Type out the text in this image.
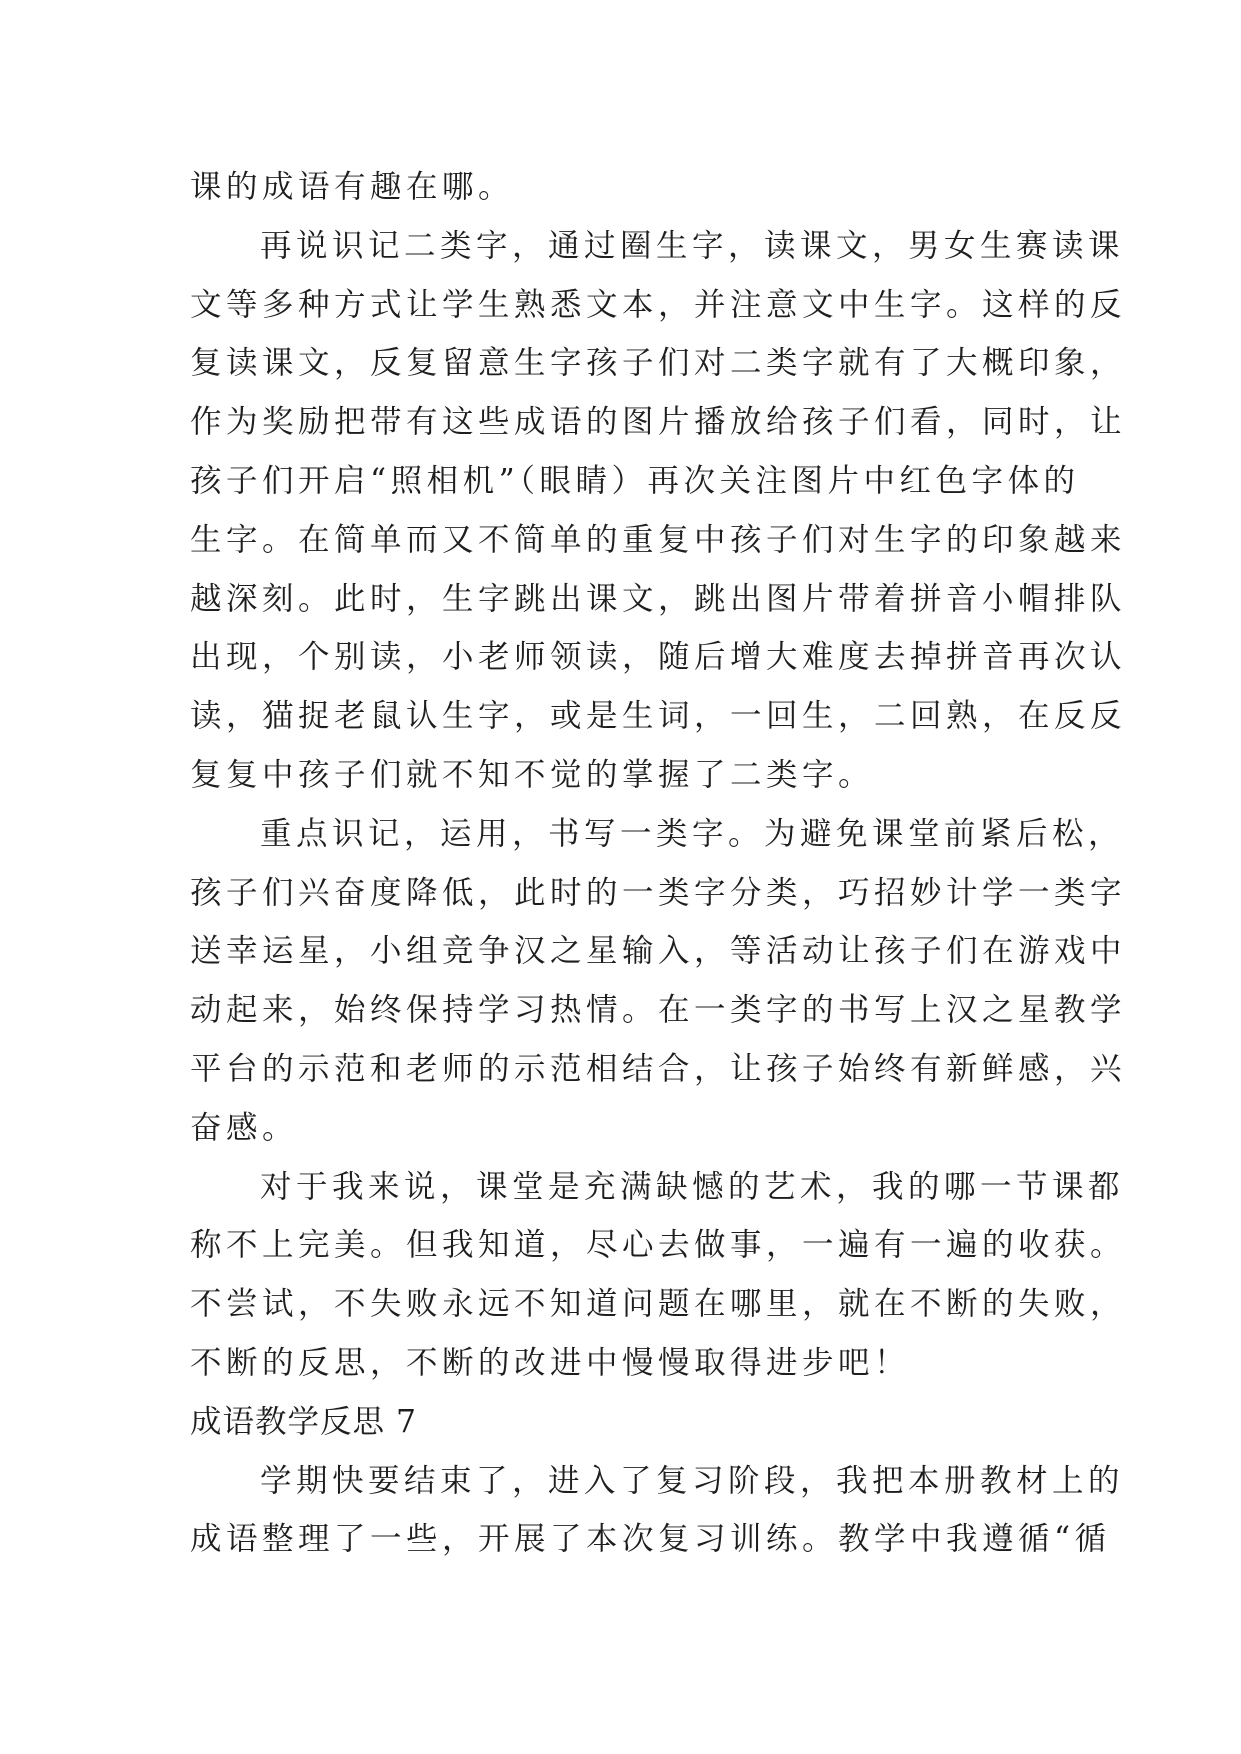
课的成语有趣在哪。
再说识记二类字，通过圈生字，读课文，男女生赛读课
文等多种方式让学生熟悉文本，并注意文中生字。这样的反
复读课文，反复留意生字孩子们对二类字就有了大概印象，
作为奖励把带有这些成语的图片播放给孩子们看，同时，让
孩子们开启“照相机”（眼睛）再次关注图片中红色字体的
生字。在简单而又不简单的重复中孩子们对生字的印象越来
越深刻。此时，生字跳出课文，跳出图片带着拼音小帽排队
出现，个别读，小老师领读，随后增大难度去掉拼音再次认
读，猫捉老鼠认生字，或是生词，一回生，二回熟，在反反
复复中孩子们就不知不觉的掌握了二类字。
重点识记，运用，书写一类字。为避免课堂前紧后松，
孩子们兴奋度降低，此时的一类字分类，巧招妙计学一类字
送幸运星，小组竞争汉之星输入，等活动让孩子们在游戏中
动起来，始终保持学习热情。在一类字的书写上汉之星教学
平台的示范和老师的示范相结合，让孩子始终有新鲜感，兴
奋感。
对于我来说，课堂是充满缺憾的艺术，我的哪一节课都
称不上完美。但我知道，尽心去做事，一遍有一遍的收获。
不尝试，不失败永远不知道问题在哪里，就在不断的失败，
不断的反思，不断的改进中慢慢取得进步吧！
成语教学反思 7
学期快要结束了，进入了复习阶段，我把本册教材上的
成语整理了一些，开展了本次复习训练。教学中我遵循“循
